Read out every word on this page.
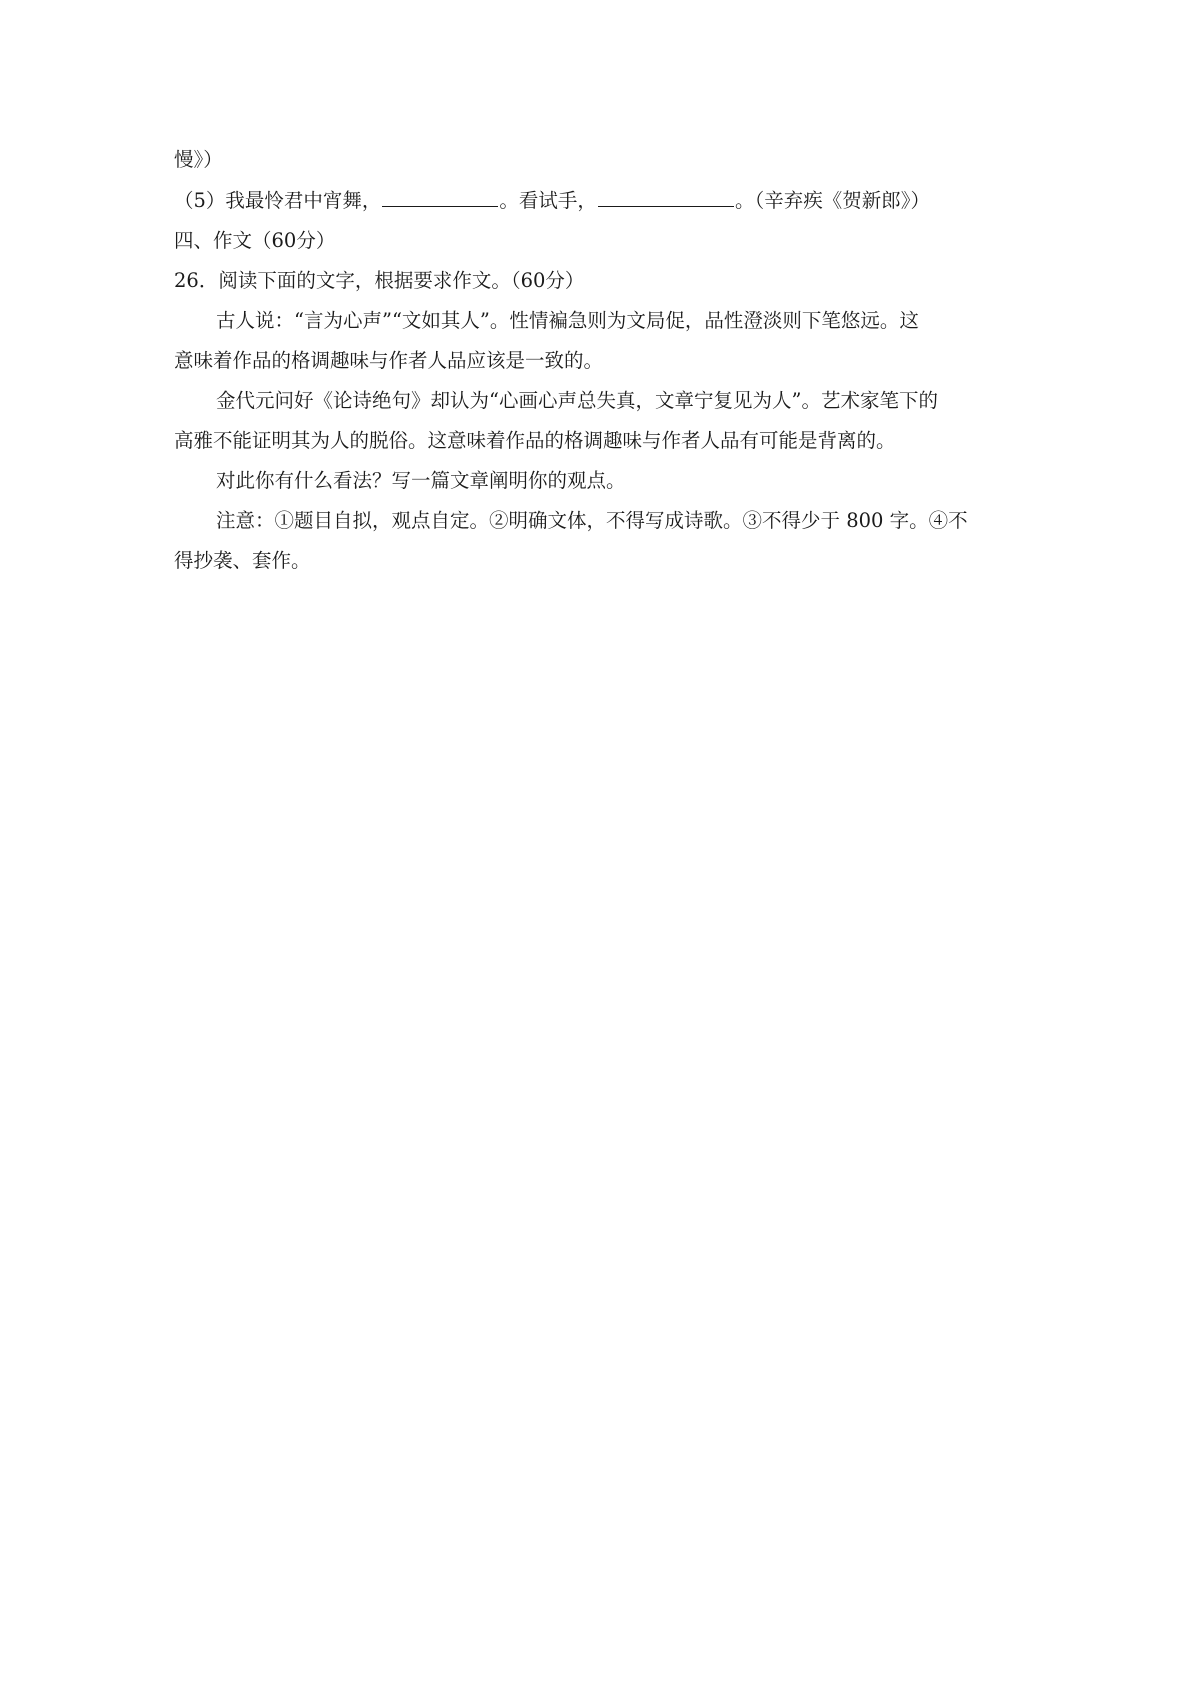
慢》）
（5）我最怜君中宵舞，	。看试手，	。（辛弃疾《贺新郎》）
四、作文（60分）
26．阅读下面的文字，根据要求作文。（60分）
古人说：“言为心声”“文如其人”。性情褊急则为文局促，品性澄淡则下笔悠远。这
意味着作品的格调趣味与作者人品应该是一致的。
金代元问好《论诗绝句》却认为“心画心声总失真，文章宁复见为人”。艺术家笔下的
高雅不能证明其为人的脱俗。这意味着作品的格调趣味与作者人品有可能是背离的。
对此你有什么看法？写一篇文章阐明你的观点。
注意：①题目自拟，观点自定。②明确文体，不得写成诗歌。③不得少于 800 字。④不
得抄袭、套作。
